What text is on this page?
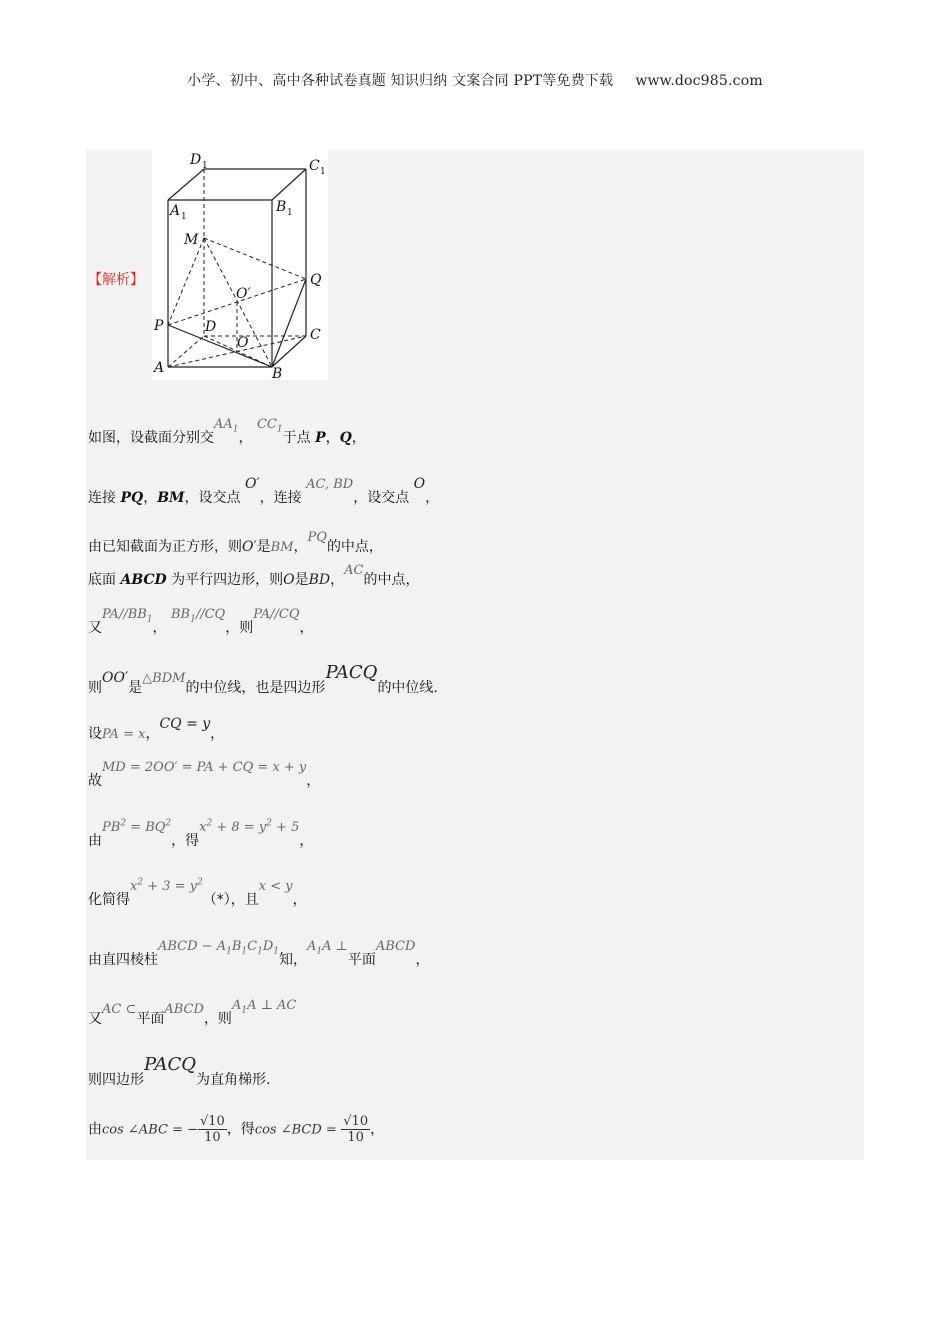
小学、初中、高中各种试卷真题 知识归纳 文案合同 PPT等免费下载 www.doc985.com
【解析】
D 1	C 1
A 1
B 1
M
Q
O′
P	D	C
O
A	B
如图，设截面分别交$AA_1$， $CC_1$于点 P，Q，
连接 PQ，BM，设交点 O′，连接 AC, BD，设交点 O，
由已知截面为正方形，则O′是BM，PQ的中点，
底面 ABCD 为平行四边形，则O是BD，AC的中点，
又$PA//BB_1$， $BB_1//CQ$，则PA//CQ，
则OO′是△BDM的中位线，也是四边形PACQ的中位线.
设PA = x，CQ = y，
故MD = 2OO′ = PA + CQ = x + y，
由$PB^2 = BQ^2$，得$x^2 + 8 = y^2 + 5$，
化简得$x^2 + 3 = y^2(*)$，且x < y，
由直四棱柱ABCD − $A_1B_1C_1D_1$知，$A_1A$ ⊥平面ABCD，
又AC ⊂平面ABCD，则$A_1A$ ⊥ AC
则四边形PACQ为直角梯形.
由cos ∠ABC = − $\frac{√10}{10}$ ，得cos ∠BCD = $\frac{√10}{10}$ ，
